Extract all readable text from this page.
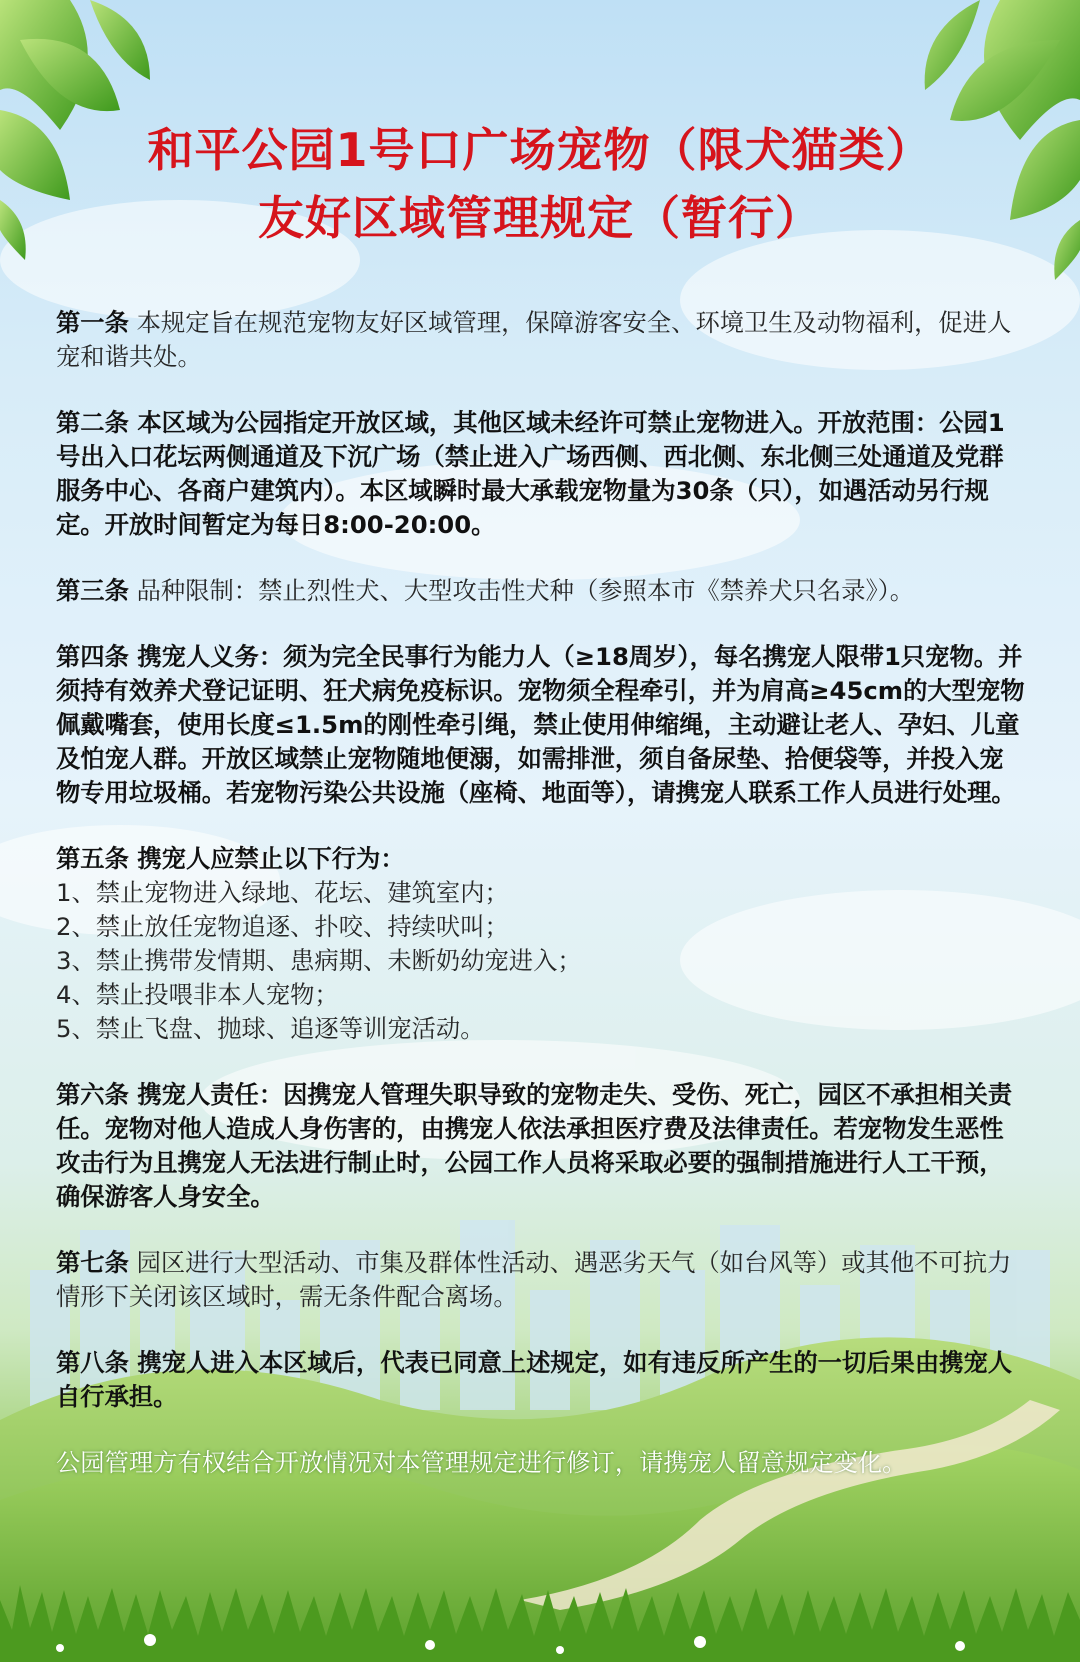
和平公园1号口广场宠物（限犬猫类）
友好区域管理规定（暂行）
第一条 本规定旨在规范宠物友好区域管理，保障游客安全、环境卫生及动物福利，促进人宠和谐共处。
第二条 本区域为公园指定开放区域，其他区域未经许可禁止宠物进入。开放范围：公园1号出入口花坛两侧通道及下沉广场（禁止进入广场西侧、西北侧、东北侧三处通道及党群服务中心、各商户建筑内）。本区域瞬时最大承载宠物量为30条（只），如遇活动另行规定。开放时间暂定为每日8:00-20:00。
第三条 品种限制：禁止烈性犬、大型攻击性犬种（参照本市《禁养犬只名录》）。
第四条 携宠人义务：须为完全民事行为能力人（≥18周岁），每名携宠人限带1只宠物。并须持有效养犬登记证明、狂犬病免疫标识。宠物须全程牵引，并为肩高≥45cm的大型宠物佩戴嘴套，使用长度≤1.5m的刚性牵引绳，禁止使用伸缩绳，主动避让老人、孕妇、儿童及怕宠人群。开放区域禁止宠物随地便溺，如需排泄，须自备尿垫、拾便袋等，并投入宠物专用垃圾桶。若宠物污染公共设施（座椅、地面等），请携宠人联系工作人员进行处理。
第五条 携宠人应禁止以下行为：
1、禁止宠物进入绿地、花坛、建筑室内；
2、禁止放任宠物追逐、扑咬、持续吠叫；
3、禁止携带发情期、患病期、未断奶幼宠进入；
4、禁止投喂非本人宠物；
5、禁止飞盘、抛球、追逐等训宠活动。
第六条 携宠人责任：因携宠人管理失职导致的宠物走失、受伤、死亡，园区不承担相关责任。宠物对他人造成人身伤害的，由携宠人依法承担医疗费及法律责任。若宠物发生恶性攻击行为且携宠人无法进行制止时，公园工作人员将采取必要的强制措施进行人工干预，确保游客人身安全。
第七条 园区进行大型活动、市集及群体性活动、遇恶劣天气（如台风等）或其他不可抗力情形下关闭该区域时，需无条件配合离场。
第八条 携宠人进入本区域后，代表已同意上述规定，如有违反所产生的一切后果由携宠人自行承担。
公园管理方有权结合开放情况对本管理规定进行修订，请携宠人留意规定变化。
